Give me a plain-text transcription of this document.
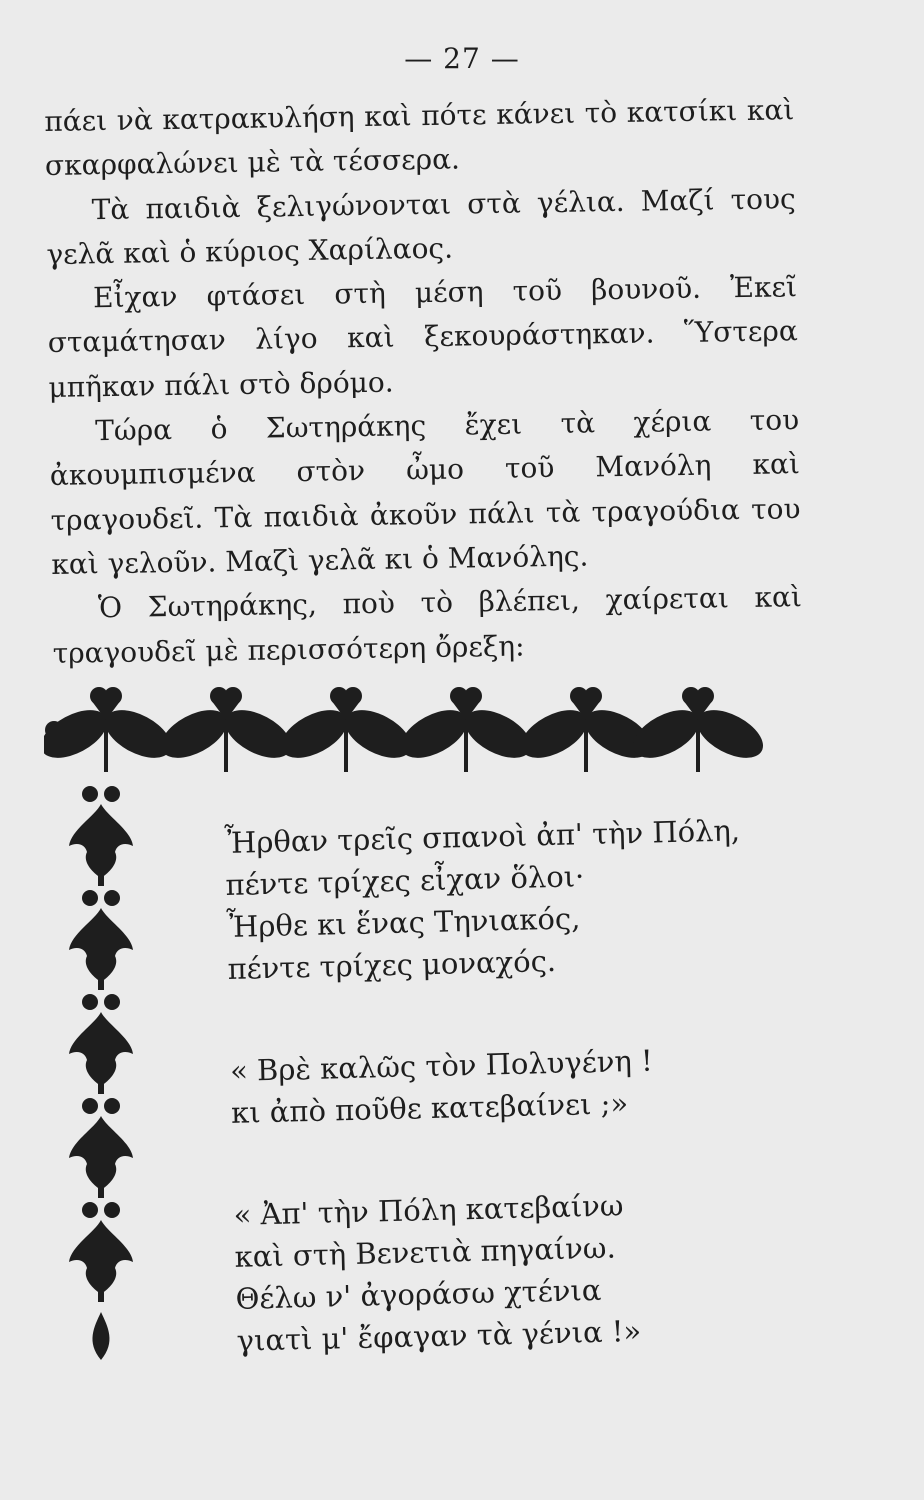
— 27 —

πάει νὰ κατρακυλήση καὶ πότε κάνει τὸ κατσίκι καὶ σκαρφαλώνει μὲ τὰ τέσσερα.

Τὰ παιδιὰ ξελιγώνονται στὰ γέλια. Μαζί τους γελᾶ καὶ ὁ κύριος Χαρίλαος.

Εἶχαν φτάσει στὴ μέση τοῦ βουνοῦ. Ἐκεῖ σταμάτησαν λίγο καὶ ξεκουράστηκαν. Ὕστερα μπῆκαν πάλι στὸ δρόμο.

Τώρα ὁ Σωτηράκης ἔχει τὰ χέρια του ἀκουμπισμένα στὸν ὦμο τοῦ Μανόλη καὶ τραγουδεῖ. Τὰ παιδιὰ ἀκοῦν πάλι τὰ τραγούδια του καὶ γελοῦν. Μαζὶ γελᾶ κι ὁ Μανόλης.

Ὁ Σωτηράκης, ποὺ τὸ βλέπει, χαίρεται καὶ τραγουδεῖ μὲ περισσότερη ὄρεξη:

Ἦρθαν τρεῖς σπανοὶ ἀπ' τὴν Πόλη,
πέντε τρίχες εἶχαν ὅλοι·
Ἦρθε κι ἕνας Τηνιακός,
πέντε τρίχες μοναχός.
« Βρὲ καλῶς τὸν Πολυγένη !
κι ἀπὸ ποῦθε κατεβαίνει ;»
« Ἀπ' τὴν Πόλη κατεβαίνω
καὶ στὴ Βενετιὰ πηγαίνω.
Θέλω ν' ἀγοράσω χτένια
γιατὶ μ' ἔφαγαν τὰ γένια !»
